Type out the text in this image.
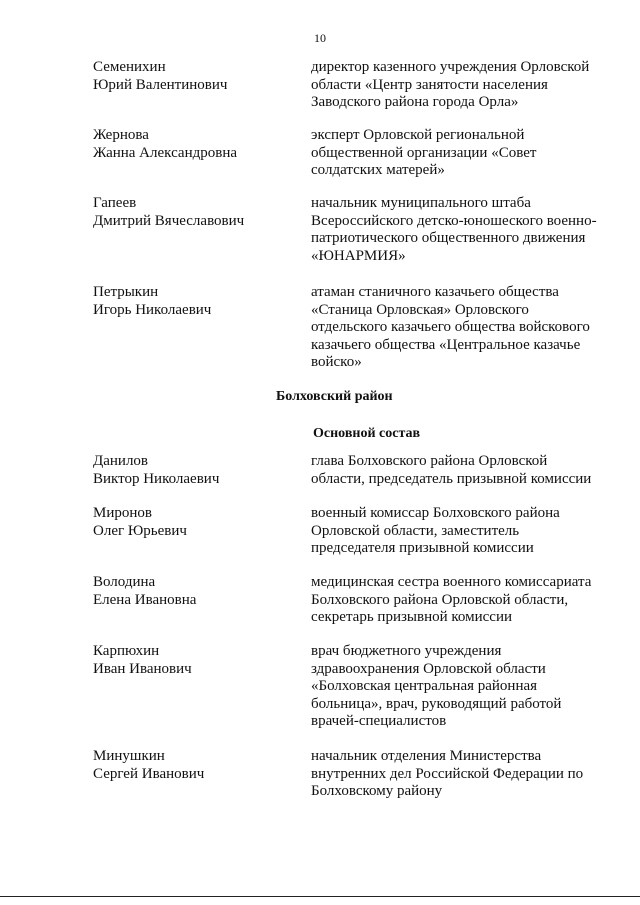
10
Семенихин
Юрий Валентинович
директор казенного учреждения Орловской
области «Центр занятости населения
Заводского района города Орла»
Жернова
Жанна Александровна
эксперт Орловской региональной
общественной организации «Совет
солдатских матерей»
Гапеев
Дмитрий Вячеславович
начальник муниципального штаба
Всероссийского детско-юношеского военно-
патриотического общественного движения
«ЮНАРМИЯ»
Петрыкин
Игорь Николаевич
атаман станичного казачьего общества
«Станица Орловская» Орловского
отдельского казачьего общества войскового
казачьего общества «Центральное казачье
войско»
Болховский район
Основной состав
Данилов
Виктор Николаевич
глава Болховского района Орловской
области, председатель призывной комиссии
Миронов
Олег Юрьевич
военный комиссар Болховского района
Орловской области, заместитель
председателя призывной комиссии
Володина
Елена Ивановна
медицинская сестра военного комиссариата
Болховского района Орловской области,
секретарь призывной комиссии
Карпюхин
Иван Иванович
врач бюджетного учреждения
здравоохранения Орловской области
«Болховская центральная районная
больница», врач, руководящий работой
врачей-специалистов
Минушкин
Сергей Иванович
начальник отделения Министерства
внутренних дел Российской Федерации по
Болховскому району
